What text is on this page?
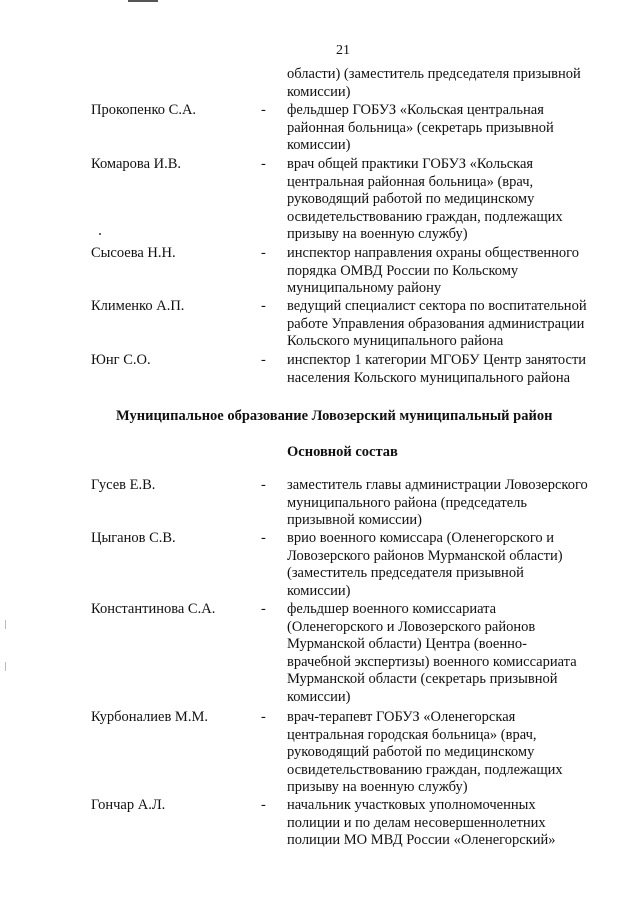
21
области) (заместитель председателя призывной
комиссии)
Прокопенко С.А.	- фельдшер ГОБУЗ «Кольская центральная
районная больница» (секретарь призывной
комиссии)
Комарова И.В.	- врач общей практики ГОБУЗ «Кольская
центральная районная больница» (врач,
руководящий работой по медицинскому
освидетельствованию граждан, подлежащих
призыву на военную службу)
Сысоева Н.Н.	- инспектор направления охраны общественного
порядка ОМВД России по Кольскому
муниципальному району
Клименко А.П.	- ведущий специалист сектора по воспитательной
работе Управления образования администрации
Кольского муниципального района
Юнг С.О.	- инспектор 1 категории МГОБУ Центр занятости
населения Кольского муниципального района
Муниципальное образование Ловозерский муниципальный район
Основной состав
Гусев Е.В.	- заместитель главы администрации Ловозерского
муниципального района (председатель
призывной комиссии)
Цыганов С.В.	- врио военного комиссара (Оленегорского и
Ловозерского районов Мурманской области)
(заместитель председателя призывной
комиссии)
Константинова С.А.	- фельдшер военного комиссариата
(Оленегорского и Ловозерского районов
Мурманской области) Центра (военно-
врачебной экспертизы) военного комиссариата
Мурманской области (секретарь призывной
комиссии)
Курбоналиев М.М.	- врач-терапевт ГОБУЗ «Оленегорская
центральная городская больница» (врач,
руководящий работой по медицинскому
освидетельствованию граждан, подлежащих
призыву на военную службу)
Гончар А.Л.	- начальник участковых уполномоченных
полиции и по делам несовершеннолетних
полиции МО МВД России «Оленегорский»
